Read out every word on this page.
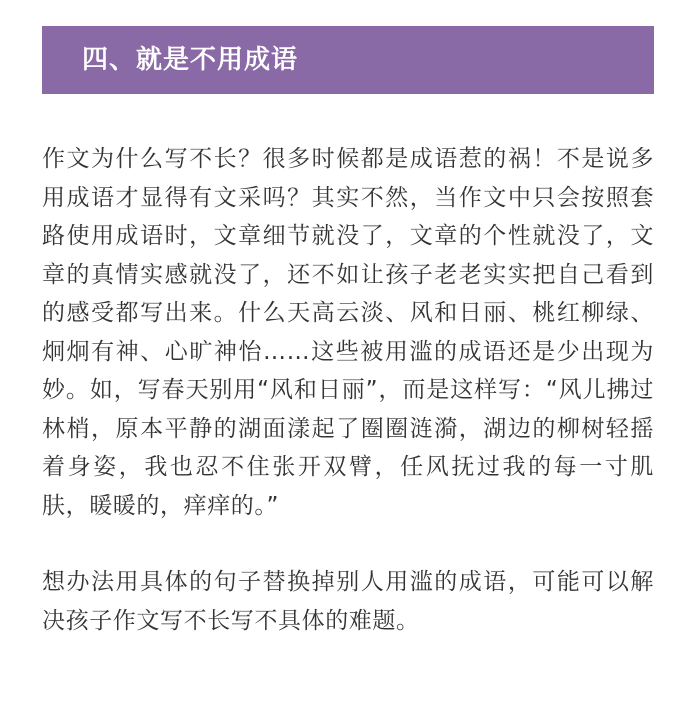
四、就是不用成语

作文为什么写不长？很多时候都是成语惹的祸！不是说多用成语才显得有文采吗？其实不然，当作文中只会按照套路使用成语时，文章细节就没了，文章的个性就没了，文章的真情实感就没了，还不如让孩子老老实实把自己看到的感受都写出来。什么天高云淡、风和日丽、桃红柳绿、炯炯有神、心旷神怡……这些被用滥的成语还是少出现为妙。如，写春天别用“风和日丽”，而是这样写：“风儿拂过林梢，原本平静的湖面漾起了圈圈涟漪，湖边的柳树轻摇着身姿，我也忍不住张开双臂，任风抚过我的每一寸肌肤，暖暖的，痒痒的。”

想办法用具体的句子替换掉别人用滥的成语，可能可以解决孩子作文写不长写不具体的难题。
